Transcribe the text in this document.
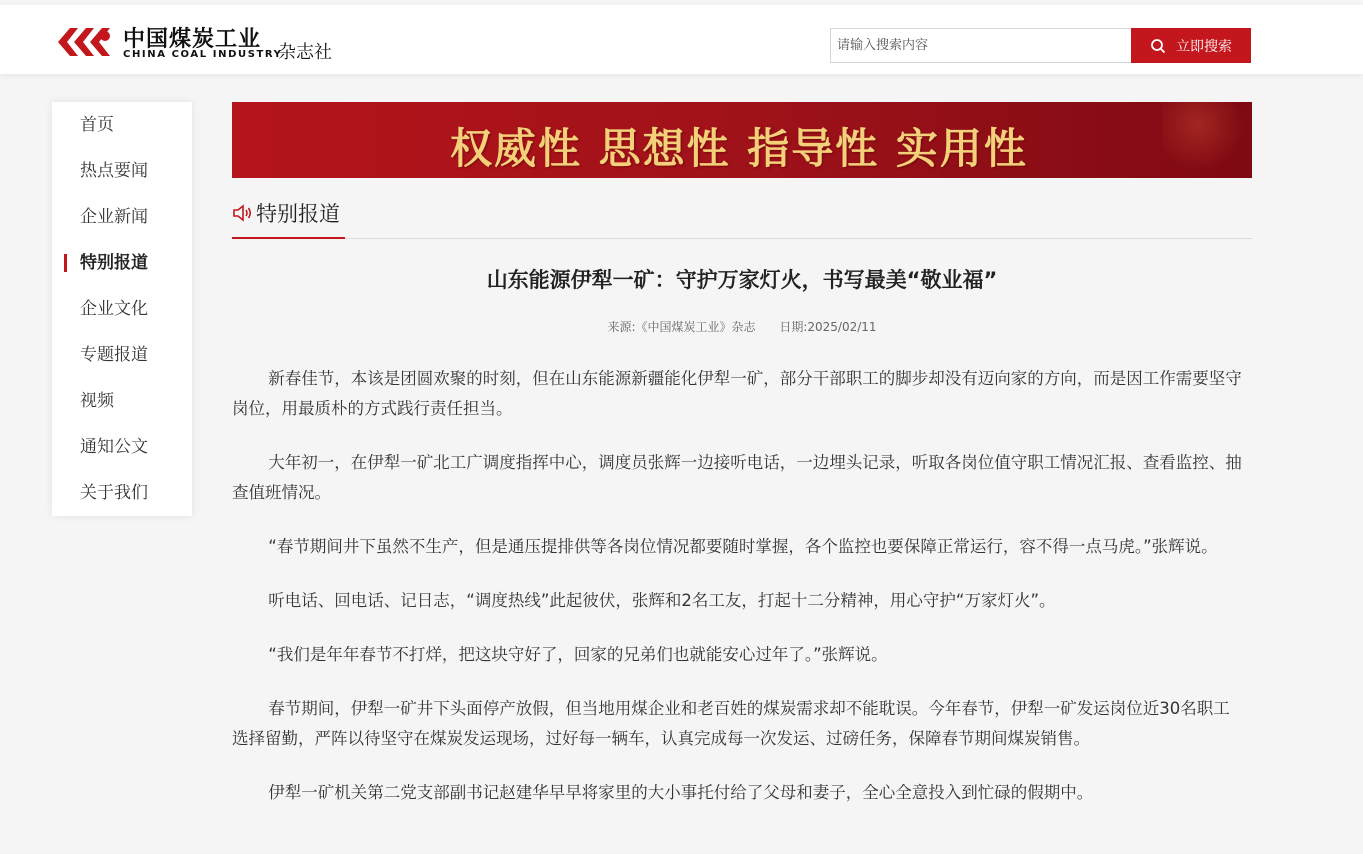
中国煤炭工业
CHINA COAL INDUSTRY
杂志社
请输入搜索内容	立即搜索
首页
热点要闻
企业新闻
特别报道
企业文化
专题报道
视频
通知公文
关于我们
权威性 思想性 指导性 实用性
特别报道
山东能源伊犁一矿：守护万家灯火，书写最美“敬业福”
来源:《中国煤炭工业》杂志 日期:2025/02/11

新春佳节，本该是团圆欢聚的时刻，但在山东能源新疆能化伊犁一矿，部分干部职工的脚步却没有迈向家的方向，而是因工作需要坚守岗位，用最质朴的方式践行责任担当。

大年初一，在伊犁一矿北工广调度指挥中心，调度员张辉一边接听电话，一边埋头记录，听取各岗位值守职工情况汇报、查看监控、抽查值班情况。

“春节期间井下虽然不生产，但是通压提排供等各岗位情况都要随时掌握，各个监控也要保障正常运行，容不得一点马虎。”张辉说。

听电话、回电话、记日志，“调度热线”此起彼伏，张辉和2名工友，打起十二分精神，用心守护“万家灯火”。

“我们是年年春节不打烊，把这块守好了，回家的兄弟们也就能安心过年了。”张辉说。

春节期间，伊犁一矿井下头面停产放假，但当地用煤企业和老百姓的煤炭需求却不能耽误。今年春节，伊犁一矿发运岗位近30名职工选择留勤，严阵以待坚守在煤炭发运现场，过好每一辆车，认真完成每一次发运、过磅任务，保障春节期间煤炭销售。

伊犁一矿机关第二党支部副书记赵建华早早将家里的大小事托付给了父母和妻子，全心全意投入到忙碌的假期中。
